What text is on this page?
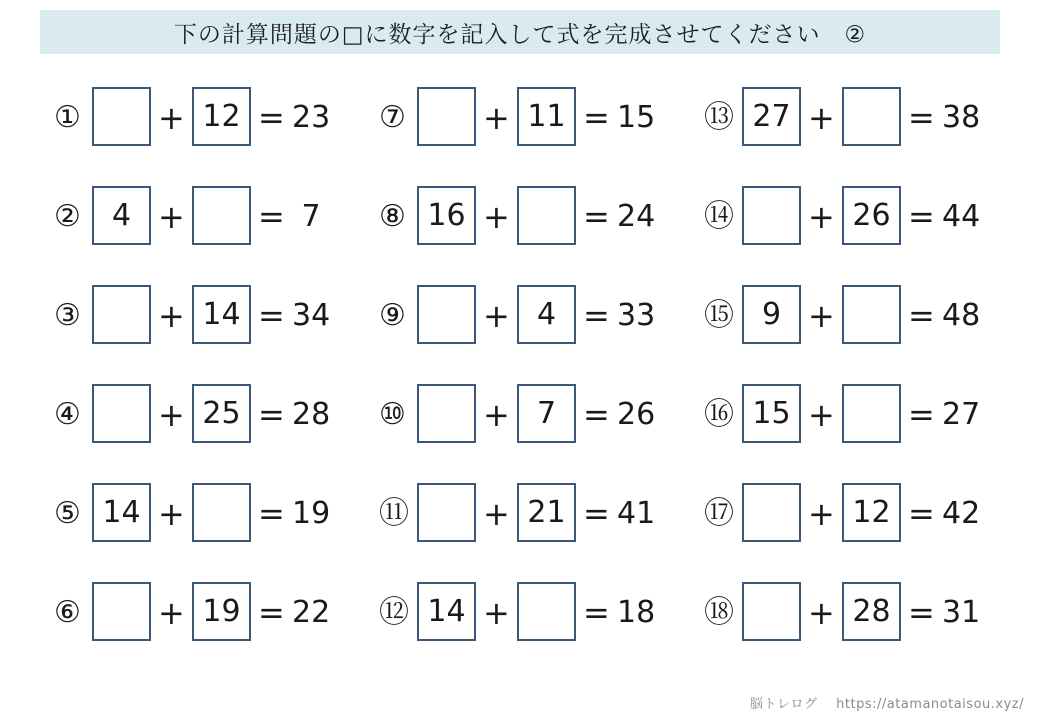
下の計算問題の□に数字を記入して式を完成させてください　②
① + 12 = 23
②	4 + = 7
③ + 14 = 34
④ + 25 = 28
⑤ 14 + = 19
⑥ + 19 = 22
⑦ + 11 = 15
⑧ 16 + = 24
⑨ + 4 = 33
⑩ + 7 = 26
⑪ + 21 = 41
⑫ 14 + = 18
⑬ 27 + = 38
⑭ + 26 = 44
⑮ 9 + = 48
⑯ 15 + = 27
⑰ + 12 = 42
⑱ + 28 = 31
脳トレログ https://atamanotaisou.xyz/
